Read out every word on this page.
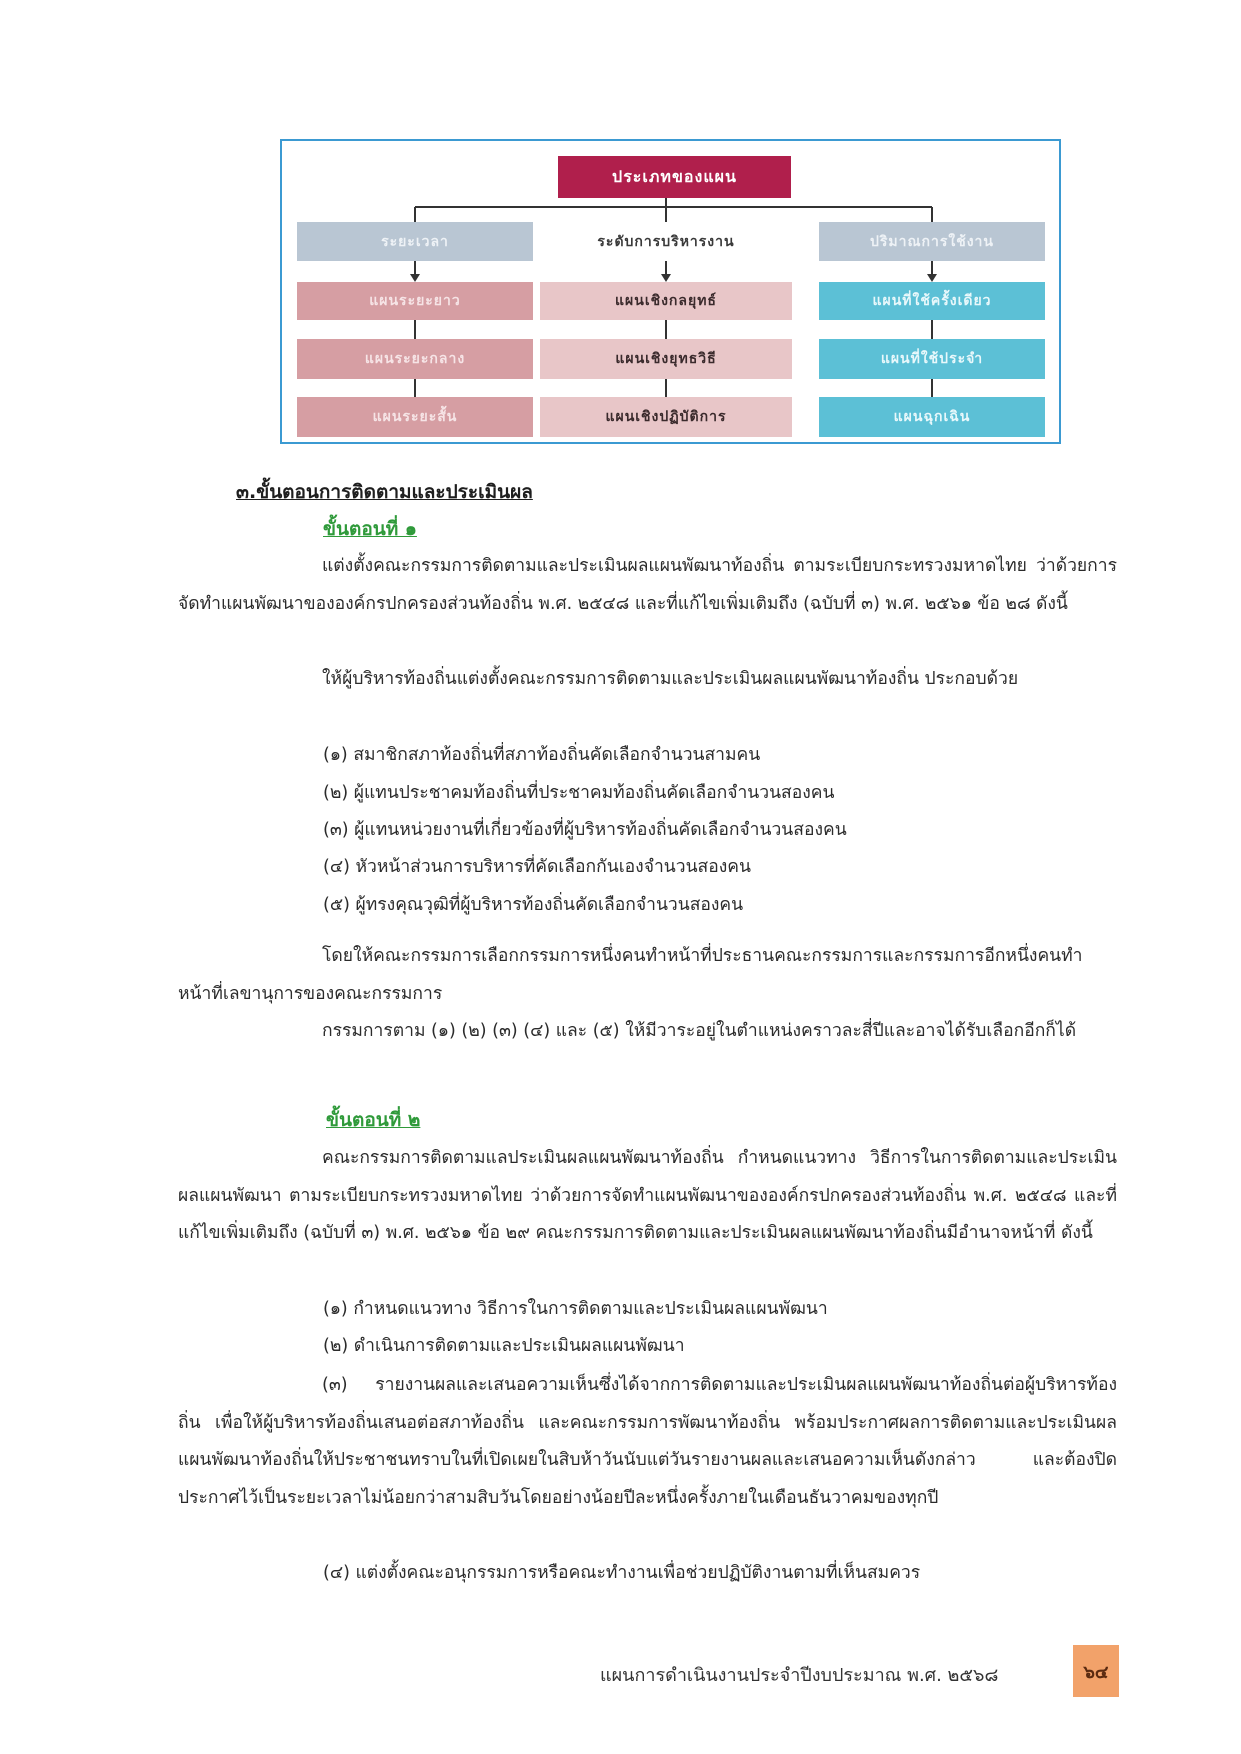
ประเภทของแผน
ระยะเวลา	ระดับการบริหารงาน	ปริมาณการใช้งาน
แผนระยะยาว	แผนเชิงกลยุทธ์	แผนที่ใช้ครั้งเดียว
แผนระยะกลาง	แผนเชิงยุทธวิธี	แผนที่ใช้ประจำ
แผนระยะสั้น	แผนเชิงปฏิบัติการ	แผนฉุกเฉิน
๓.ขั้นตอนการติดตามและประเมินผล
ขั้นตอนที่ ๑

แต่งตั้งคณะกรรมการติดตามและประเมินผลแผนพัฒนาท้องถิ่น ตามระเบียบกระทรวงมหาดไทย ว่าด้วยการจัดทำแผนพัฒนาขององค์กรปกครองส่วนท้องถิ่น พ.ศ. ๒๕๔๘ และที่แก้ไขเพิ่มเติมถึง (ฉบับที่ ๓) พ.ศ. ๒๕๖๑ ข้อ ๒๘ ดังนี้

ให้ผู้บริหารท้องถิ่นแต่งตั้งคณะกรรมการติดตามและประเมินผลแผนพัฒนาท้องถิ่น ประกอบด้วย

(๑) สมาชิกสภาท้องถิ่นที่สภาท้องถิ่นคัดเลือกจำนวนสามคน
(๒) ผู้แทนประชาคมท้องถิ่นที่ประชาคมท้องถิ่นคัดเลือกจำนวนสองคน
(๓) ผู้แทนหน่วยงานที่เกี่ยวข้องที่ผู้บริหารท้องถิ่นคัดเลือกจำนวนสองคน
(๔) หัวหน้าส่วนการบริหารที่คัดเลือกกันเองจำนวนสองคน
(๕) ผู้ทรงคุณวุฒิที่ผู้บริหารท้องถิ่นคัดเลือกจำนวนสองคน

โดยให้คณะกรรมการเลือกกรรมการหนึ่งคนทำหน้าที่ประธานคณะกรรมการและกรรมการอีกหนึ่งคนทำหน้าที่เลขานุการของคณะกรรมการ

กรรมการตาม (๑) (๒) (๓) (๔) และ (๕) ให้มีวาระอยู่ในตำแหน่งคราวละสี่ปีและอาจได้รับเลือกอีกก็ได้

ขั้นตอนที่ ๒

คณะกรรมการติดตามแลประเมินผลแผนพัฒนาท้องถิ่น กำหนดแนวทาง วิธีการในการติดตามและประเมินผลแผนพัฒนา ตามระเบียบกระทรวงมหาดไทย ว่าด้วยการจัดทำแผนพัฒนาขององค์กรปกครองส่วนท้องถิ่น พ.ศ. ๒๕๔๘ และที่แก้ไขเพิ่มเติมถึง (ฉบับที่ ๓) พ.ศ. ๒๕๖๑ ข้อ ๒๙ คณะกรรมการติดตามและประเมินผลแผนพัฒนาท้องถิ่นมีอำนาจหน้าที่ ดังนี้

(๑) กำหนดแนวทาง วิธีการในการติดตามและประเมินผลแผนพัฒนา
(๒) ดำเนินการติดตามและประเมินผลแผนพัฒนา

(๓) รายงานผลและเสนอความเห็นซึ่งได้จากการติดตามและประเมินผลแผนพัฒนาท้องถิ่นต่อผู้บริหารท้องถิ่น เพื่อให้ผู้บริหารท้องถิ่นเสนอต่อสภาท้องถิ่น และคณะกรรมการพัฒนาท้องถิ่น พร้อมประกาศผลการติดตามและประเมินผลแผนพัฒนาท้องถิ่นให้ประชาชนทราบในที่เปิดเผยในสิบห้าวันนับแต่วันรายงานผลและเสนอความเห็นดังกล่าว และต้องปิดประกาศไว้เป็นระยะเวลาไม่น้อยกว่าสามสิบวันโดยอย่างน้อยปีละหนึ่งครั้งภายในเดือนธันวาคมของทุกปี

(๔) แต่งตั้งคณะอนุกรรมการหรือคณะทำงานเพื่อช่วยปฏิบัติงานตามที่เห็นสมควร
แผนการดำเนินงานประจำปีงบประมาณ พ.ศ. ๒๕๖๘	๖๔
